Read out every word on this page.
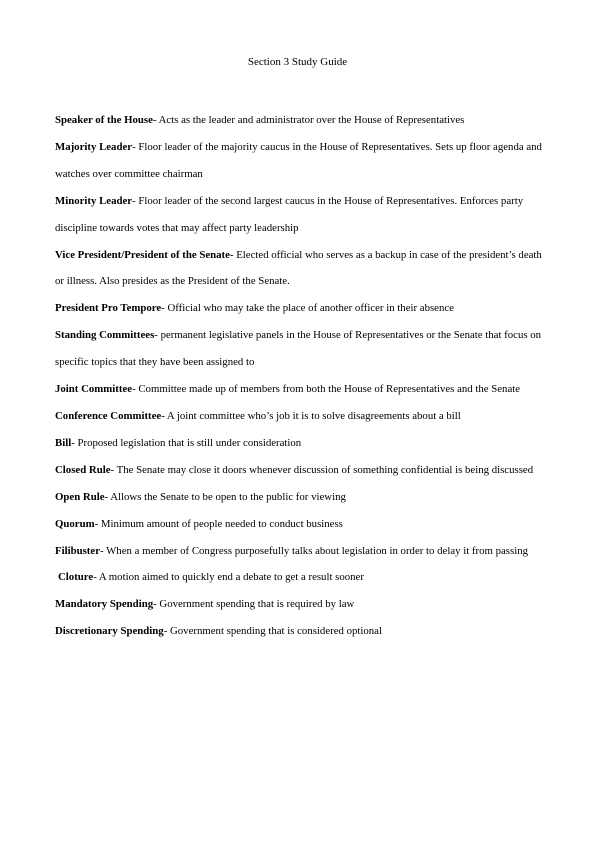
Section 3 Study Guide

Speaker of the House- Acts as the leader and administrator over the House of Representatives

Majority Leader- Floor leader of the majority caucus in the House of Representatives. Sets up floor agenda and watches over committee chairman

Minority Leader- Floor leader of the second largest caucus in the House of Representatives. Enforces party discipline towards votes that may affect party leadership

Vice President/President of the Senate- Elected official who serves as a backup in case of the president’s death or illness. Also presides as the President of the Senate.

President Pro Tempore- Official who may take the place of another officer in their absence

Standing Committees- permanent legislative panels in the House of Representatives or the Senate that focus on specific topics that they have been assigned to

Joint Committee- Committee made up of members from both the House of Representatives and the Senate

Conference Committee- A joint committee who’s job it is to solve disagreements about a bill

Bill- Proposed legislation that is still under consideration

Closed Rule- The Senate may close it doors whenever discussion of something confidential is being discussed

Open Rule- Allows the Senate to be open to the public for viewing

Quorum- Minimum amount of people needed to conduct business

Filibuster- When a member of Congress purposefully talks about legislation in order to delay it from passing

Cloture- A motion aimed to quickly end a debate to get a result sooner

Mandatory Spending- Government spending that is required by law

Discretionary Spending- Government spending that is considered optional
